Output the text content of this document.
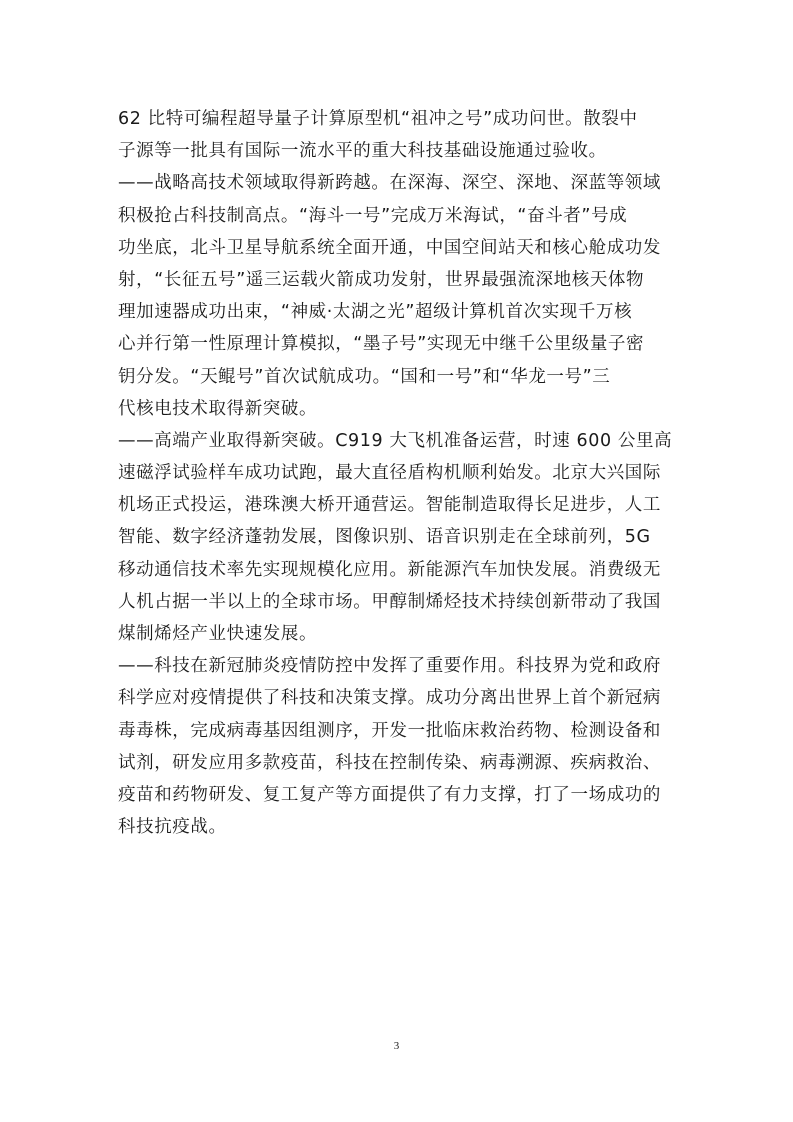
62 比特可编程超导量子计算原型机“祖冲之号”成功问世。散裂中
子源等一批具有国际一流水平的重大科技基础设施通过验收。
——战略高技术领域取得新跨越。在深海、深空、深地、深蓝等领域
积极抢占科技制高点。“海斗一号”完成万米海试，“奋斗者”号成
功坐底，北斗卫星导航系统全面开通，中国空间站天和核心舱成功发
射，“长征五号”遥三运载火箭成功发射，世界最强流深地核天体物
理加速器成功出束，“神威·太湖之光”超级计算机首次实现千万核
心并行第一性原理计算模拟，“墨子号”实现无中继千公里级量子密
钥分发。“天鲲号”首次试航成功。“国和一号”和“华龙一号”三
代核电技术取得新突破。
——高端产业取得新突破。C919 大飞机准备运营，时速 600 公里高
速磁浮试验样车成功试跑，最大直径盾构机顺利始发。北京大兴国际
机场正式投运，港珠澳大桥开通营运。智能制造取得长足进步，人工
智能、数字经济蓬勃发展，图像识别、语音识别走在全球前列，5G
移动通信技术率先实现规模化应用。新能源汽车加快发展。消费级无
人机占据一半以上的全球市场。甲醇制烯烃技术持续创新带动了我国
煤制烯烃产业快速发展。
——科技在新冠肺炎疫情防控中发挥了重要作用。科技界为党和政府
科学应对疫情提供了科技和决策支撑。成功分离出世界上首个新冠病
毒毒株，完成病毒基因组测序，开发一批临床救治药物、检测设备和
试剂，研发应用多款疫苗，科技在控制传染、病毒溯源、疾病救治、
疫苗和药物研发、复工复产等方面提供了有力支撑，打了一场成功的
科技抗疫战。
3
